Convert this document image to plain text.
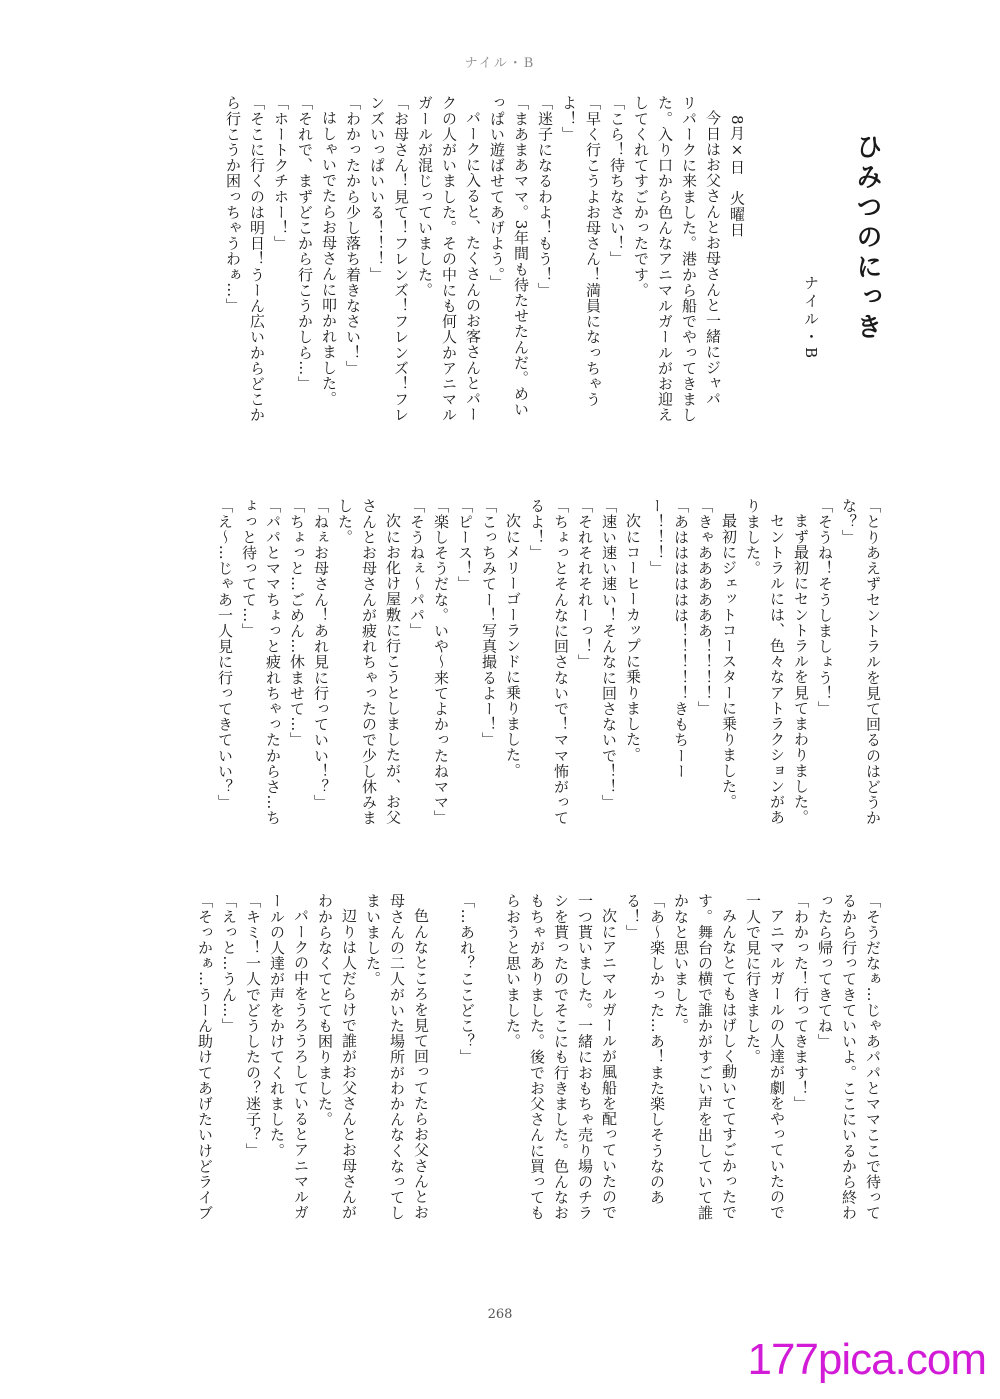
ナイル・B
ひみつのにっき
ナイル・B
8月×日　火曜日
今日はお父さんとお母さんと一緒にジャパ
リパークに来ました。港から船でやってきまし
た。入り口から色んなアニマルガールがお迎え
してくれてすごかったです。
「こら！待ちなさい！」
「早く行こうよお母さん！満員になっちゃう
よ！」
「迷子になるわよ！もう！」
「まあまあママ。3年間も待たせたんだ。めい
っぱい遊ばせてあげよう。」
パークに入ると、たくさんのお客さんとパー
クの人がいました。その中にも何人かアニマル
ガールが混じっていました。
「お母さん！見て！フレンズ！フレンズ！フレ
ンズいっぱいいる！！！」
「わかったから少し落ち着きなさい！」
はしゃいでたらお母さんに叩かれました。
「それで、まずどこから行こうかしら…」
「ホートクチホー！」
「そこに行くのは明日！うーん広いからどこか
ら行こうか困っちゃうわぁ…」
「とりあえずセントラルを見て回るのはどうか
な？」
「そうね！そうしましょう！」
まず最初にセントラルを見てまわりました。
セントラルには、色々なアトラクションがあ
りました。
最初にジェットコースターに乗りました。
「きゃああああああ！！！！」
「あはははははは！！！！！きもちーー
ー！！！」
次にコーヒーカップに乗りました。
「速い速い速い！そんなに回さないで！！」
「それそれそれーっ！」
「ちょっとそんなに回さないで！ママ怖がって
るよ！」
次にメリーゴーランドに乗りました。
「こっちみてー！写真撮るよー！」
「ピース！」
「楽しそうだな。いや〜来てよかったねママ」
「そうねぇ〜パパ」
次にお化け屋敷に行こうとしましたが、お父
さんとお母さんが疲れちゃったので少し休みま
した。
「ねぇお母さん！あれ見に行っていい！？」
「ちょっと…ごめん…休ませて…」
「パパとママちょっと疲れちゃったからさ…ち
ょっと待ってて…」
「え〜…じゃあ一人見に行ってきていい？」
「そうだなぁ…じゃあパパとママここで待って
るから行ってきていいよ。ここにいるから終わ
ったら帰ってきてね」
「わかった！行ってきます！」
アニマルガールの人達が劇をやっていたので
一人で見に行きました。
みんなとてもはげしく動いててすごかったで
す。舞台の横で誰かがすごい声を出していて誰
かなと思いました。
「あ〜楽しかった…あ！また楽しそうなのあ
る！」
次にアニマルガールが風船を配っていたので
一つ貰いました。一緒におもちゃ売り場のチラ
シを貰ったのでそこにも行きました。色んなお
もちゃがありました。後でお父さんに買っても
らおうと思いました。
「…あれ？ここどこ？」
色んなところを見て回ってたらお父さんとお
母さんの二人がいた場所がわかんなくなってし
まいました。
辺りは人だらけで誰がお父さんとお母さんが
わからなくてとても困りました。
パークの中をうろうろしているとアニマルガ
ールの人達が声をかけてくれました。
「キミ！一人でどうしたの？迷子？」
「えっと…うん…」
「そっかぁ…うーん助けてあげたいけどライブ
268
177pica.com
